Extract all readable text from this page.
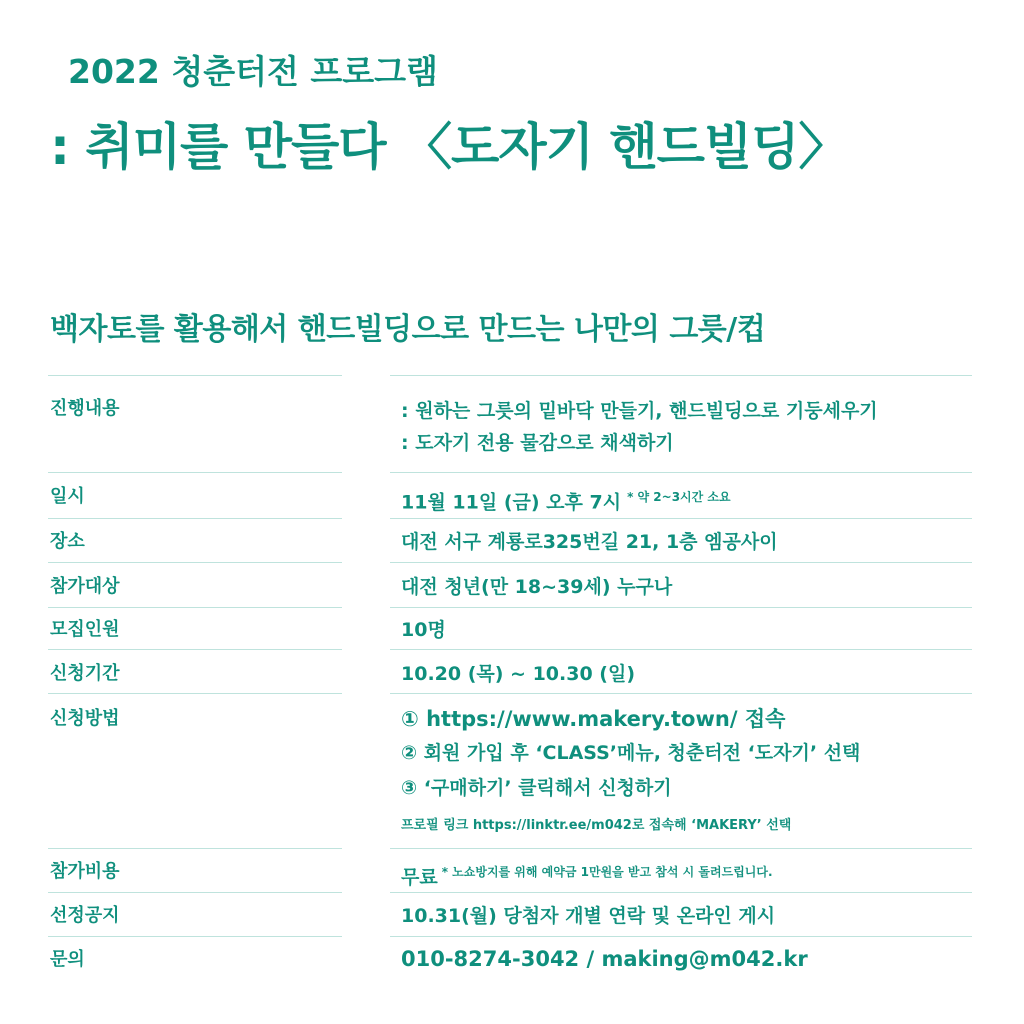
2022 청춘터전 프로그램
: 취미를 만들다 〈도자기 핸드빌딩〉
백자토를 활용해서 핸드빌딩으로 만드는 나만의 그릇/컵
진행내용	: 원하는 그릇의 밑바닥 만들기, 핸드빌딩으로 기둥세우기
: 도자기 전용 물감으로 채색하기
일시	11월 11일 (금) 오후 7시 $^{* 약 2\sim 3시간 소요}$
장소	대전 서구 계룡로325번길 21, 1층 엠공사이
참가대상	대전 청년(만 18~39세) 누구나
모집인원	10명
신청기간	10.20 (목) ~ 10.30 (일)
신청방법	① https://www.makery.town/ 접속
② 회원 가입 후 ‘CLASS’메뉴, 청춘터전 ‘도자기’ 선택
③ ‘구매하기’ 클릭해서 신청하기
프로필 링크 https://linktr.ee/m042로 접속해 ‘MAKERY’ 선택
참가비용	무료 $^{* 노쇼방지를 위해 예약금 1만원을 받고 참석 시 돌려드립니다.}$
선정공지	10.31(월) 당첨자 개별 연락 및 온라인 게시
문의	010-8274-3042 / making@m042.kr
